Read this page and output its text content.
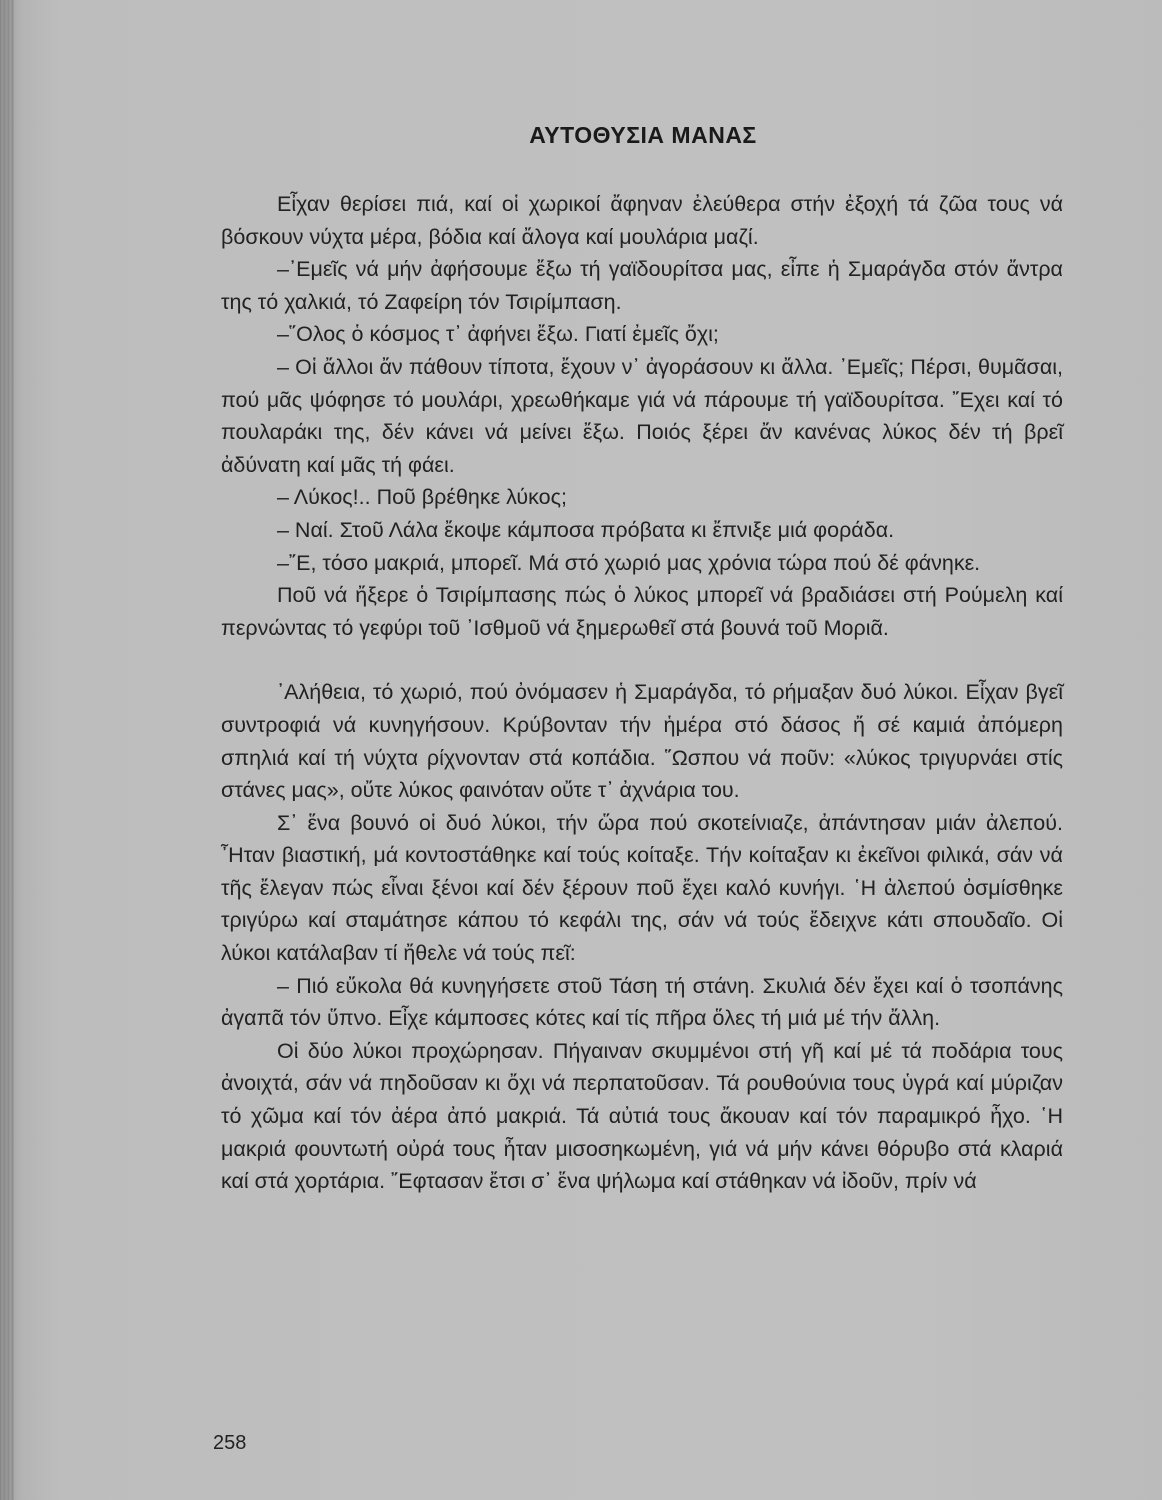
ΑΥΤΟΘΥΣΙΑ ΜΑΝΑΣ

Εἶχαν θερίσει πιά, καί οἱ χωρικοί ἄφηναν ἐλεύθερα στήν ἐξοχή τά ζῶα τους νά βόσκουν νύχτα μέρα, βόδια καί ἄλογα καί μουλάρια μαζί.

–᾽Εμεῖς νά μήν ἀφήσουμε ἔξω τή γαϊδουρίτσα μας, εἶπε ἡ Σμαράγδα στόν ἄντρα της τό χαλκιά, τό Ζαφείρη τόν Τσιρίμπαση.

–῞Ολος ὁ κόσμος τ᾽ ἀφήνει ἔξω. Γιατί ἐμεῖς ὄχι;

– Οἱ ἄλλοι ἄν πάθουν τίποτα, ἔχουν ν᾽ ἀγοράσουν κι ἄλλα. ᾽Εμεῖς; Πέρσι, θυμᾶσαι, πού μᾶς ψόφησε τό μουλάρι, χρεωθήκαμε γιά νά πάρουμε τή γαϊδουρίτσα. ῎Εχει καί τό πουλαράκι της, δέν κάνει νά μείνει ἔξω. Ποιός ξέρει ἄν κανένας λύκος δέν τή βρεῖ ἀδύνατη καί μᾶς τή φάει.

– Λύκος!.. Ποῦ βρέθηκε λύκος;

– Ναί. Στοῦ Λάλα ἔκοψε κάμποσα πρόβατα κι ἔπνιξε μιά φοράδα.

–῎Ε, τόσο μακριά, μπορεῖ. Μά στό χωριό μας χρόνια τώρα πού δέ φάνηκε.

Ποῦ νά ἤξερε ὁ Τσιρίμπασης πώς ὁ λύκος μπορεῖ νά βραδιάσει στή Ρούμελη καί περνώντας τό γεφύρι τοῦ ᾽Ισθμοῦ νά ξημερωθεῖ στά βουνά τοῦ Μοριᾶ.

᾽Αλήθεια, τό χωριό, πού ὀνόμασεν ἡ Σμαράγδα, τό ρήμαξαν δυό λύκοι. Εἶχαν βγεῖ συντροφιά νά κυνηγήσουν. Κρύβονταν τήν ἡμέρα στό δάσος ἤ σέ καμιά ἀπόμερη σπηλιά καί τή νύχτα ρίχνονταν στά κοπάδια. ῞Ωσπου νά ποῦν: «λύκος τριγυρνάει στίς στάνες μας», οὔτε λύκος φαινόταν οὔτε τ᾽ ἀχνάρια του.

Σ᾽ ἕνα βουνό οἱ δυό λύκοι, τήν ὥρα πού σκοτείνιαζε, ἀπάντησαν μιάν ἀλεπού. ῏Ηταν βιαστική, μά κοντοστάθηκε καί τούς κοίταξε. Τήν κοίταξαν κι ἐκεῖνοι φιλικά, σάν νά τῆς ἔλεγαν πώς εἶναι ξένοι καί δέν ξέρουν ποῦ ἔχει καλό κυνήγι. ῾Η ἀλεπού ὀσμίσθηκε τριγύρω καί σταμάτησε κάπου τό κεφάλι της, σάν νά τούς ἔδειχνε κάτι σπουδαῖο. Οἱ λύκοι κατάλαβαν τί ἤθελε νά τούς πεῖ:

– Πιό εὔκολα θά κυνηγήσετε στοῦ Τάση τή στάνη. Σκυλιά δέν ἔχει καί ὁ τσοπάνης ἀγαπᾶ τόν ὕπνο. Εἶχε κάμποσες κότες καί τίς πῆρα ὅλες τή μιά μέ τήν ἄλλη.

Οἱ δύο λύκοι προχώρησαν. Πήγαιναν σκυμμένοι στή γῆ καί μέ τά ποδάρια τους ἀνοιχτά, σάν νά πηδοῦσαν κι ὄχι νά περπατοῦσαν. Τά ρουθούνια τους ὑγρά καί μύριζαν τό χῶμα καί τόν ἀέρα ἀπό μακριά. Τά αὐτιά τους ἄκουαν καί τόν παραμικρό ἦχο. ῾Η μακριά φουντωτή οὐρά τους ἦταν μισοσηκωμένη, γιά νά μήν κάνει θόρυβο στά κλαριά καί στά χορτάρια. ῎Εφτασαν ἔτσι σ᾽ ἕνα ψήλωμα καί στάθηκαν νά ἰδοῦν, πρίν νά

258
